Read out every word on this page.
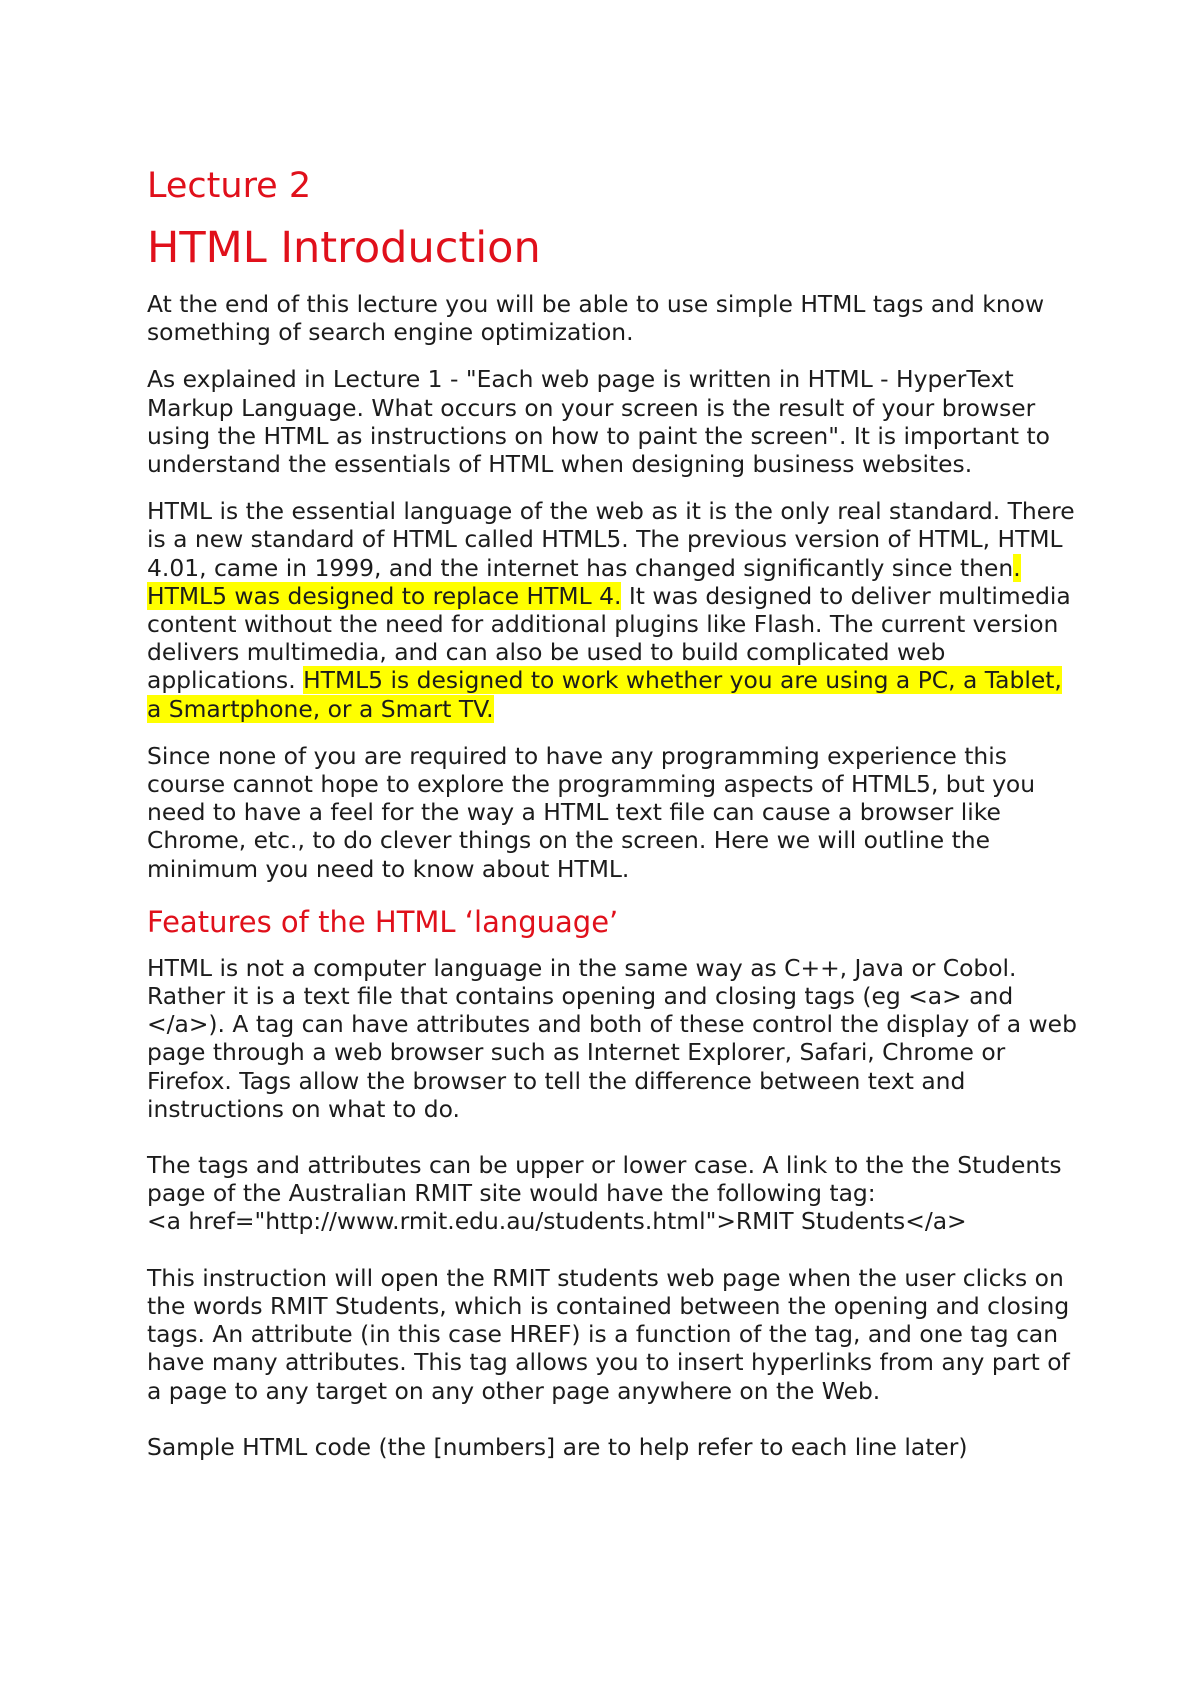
Lecture 2
HTML Introduction

At the end of this lecture you will be able to use simple HTML tags and know something of search engine optimization.

As explained in Lecture 1 - "Each web page is written in HTML - HyperText Markup Language. What occurs on your screen is the result of your browser using the HTML as instructions on how to paint the screen". It is important to understand the essentials of HTML when designing business websites.

HTML is the essential language of the web as it is the only real standard. There is a new standard of HTML called HTML5. The previous version of HTML, HTML 4.01, came in 1999, and the internet has changed significantly since then. HTML5 was designed to replace HTML 4. It was designed to deliver multimedia content without the need for additional plugins like Flash. The current version delivers multimedia, and can also be used to build complicated web applications. HTML5 is designed to work whether you are using a PC, a Tablet, a Smartphone, or a Smart TV.

Since none of you are required to have any programming experience this course cannot hope to explore the programming aspects of HTML5, but you need to have a feel for the way a HTML text file can cause a browser like Chrome, etc., to do clever things on the screen. Here we will outline the minimum you need to know about HTML.

Features of the HTML ‘language’

HTML is not a computer language in the same way as C++, Java or Cobol. Rather it is a text file that contains opening and closing tags (eg <a> and </a>). A tag can have attributes and both of these control the display of a web page through a web browser such as Internet Explorer, Safari, Chrome or Firefox. Tags allow the browser to tell the difference between text and instructions on what to do.

The tags and attributes can be upper or lower case. A link to the the Students page of the Australian RMIT site would have the following tag:
<a href="http://www.rmit.edu.au/students.html">RMIT Students</a>

This instruction will open the RMIT students web page when the user clicks on the words RMIT Students, which is contained between the opening and closing tags. An attribute (in this case HREF) is a function of the tag, and one tag can have many attributes. This tag allows you to insert hyperlinks from any part of a page to any target on any other page anywhere on the Web.

Sample HTML code (the [numbers] are to help refer to each line later)
